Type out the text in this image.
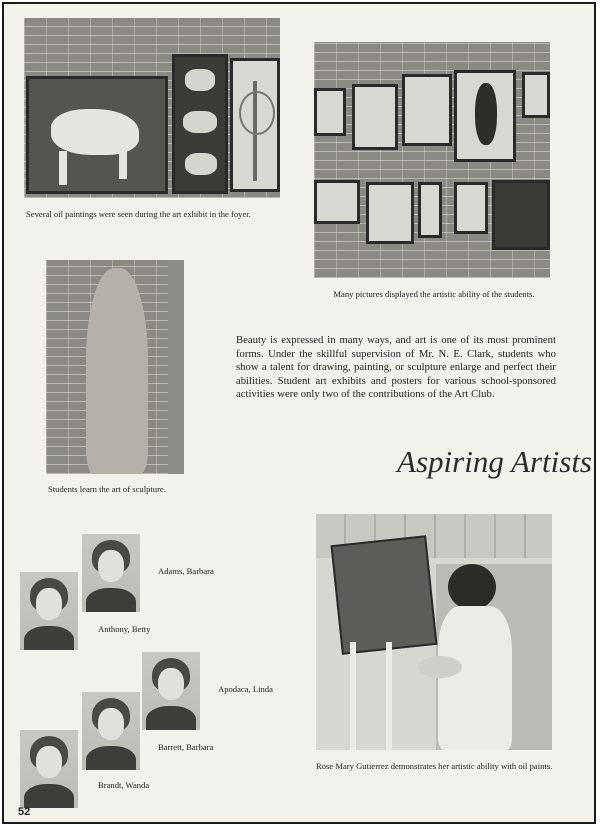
Several oil paintings were seen during the art exhibit in the foyer.
Many pictures displayed the artistic ability of the students.
Students learn the art of sculpture.
Beauty is expressed in many ways, and art is one of its most prominent forms. Under the skillful supervision of Mr. N. E. Clark, students who show a talent for drawing, painting, or sculpture enlarge and perfect their abilities. Student art exhibits and posters for various school-sponsored activities were only two of the contributions of the Art Club.
Aspiring Artists
Rose Mary Gutierrez demonstrates her artistic ability with oil paints.
Adams, Barbara
Anthony, Betty
Apodaca, Linda
Barrett, Barbara
Brandt, Wanda
52
